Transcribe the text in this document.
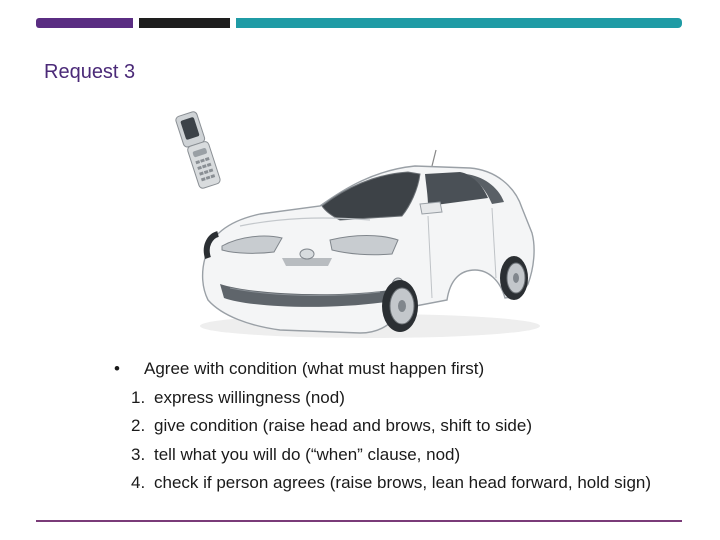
Request 3
•	Agree with condition (what must happen first)
1. express willingness (nod)
2. give condition (raise head and brows, shift to side)
3. tell what you will do (“when” clause, nod)
4. check if person agrees (raise brows, lean head forward, hold sign)
